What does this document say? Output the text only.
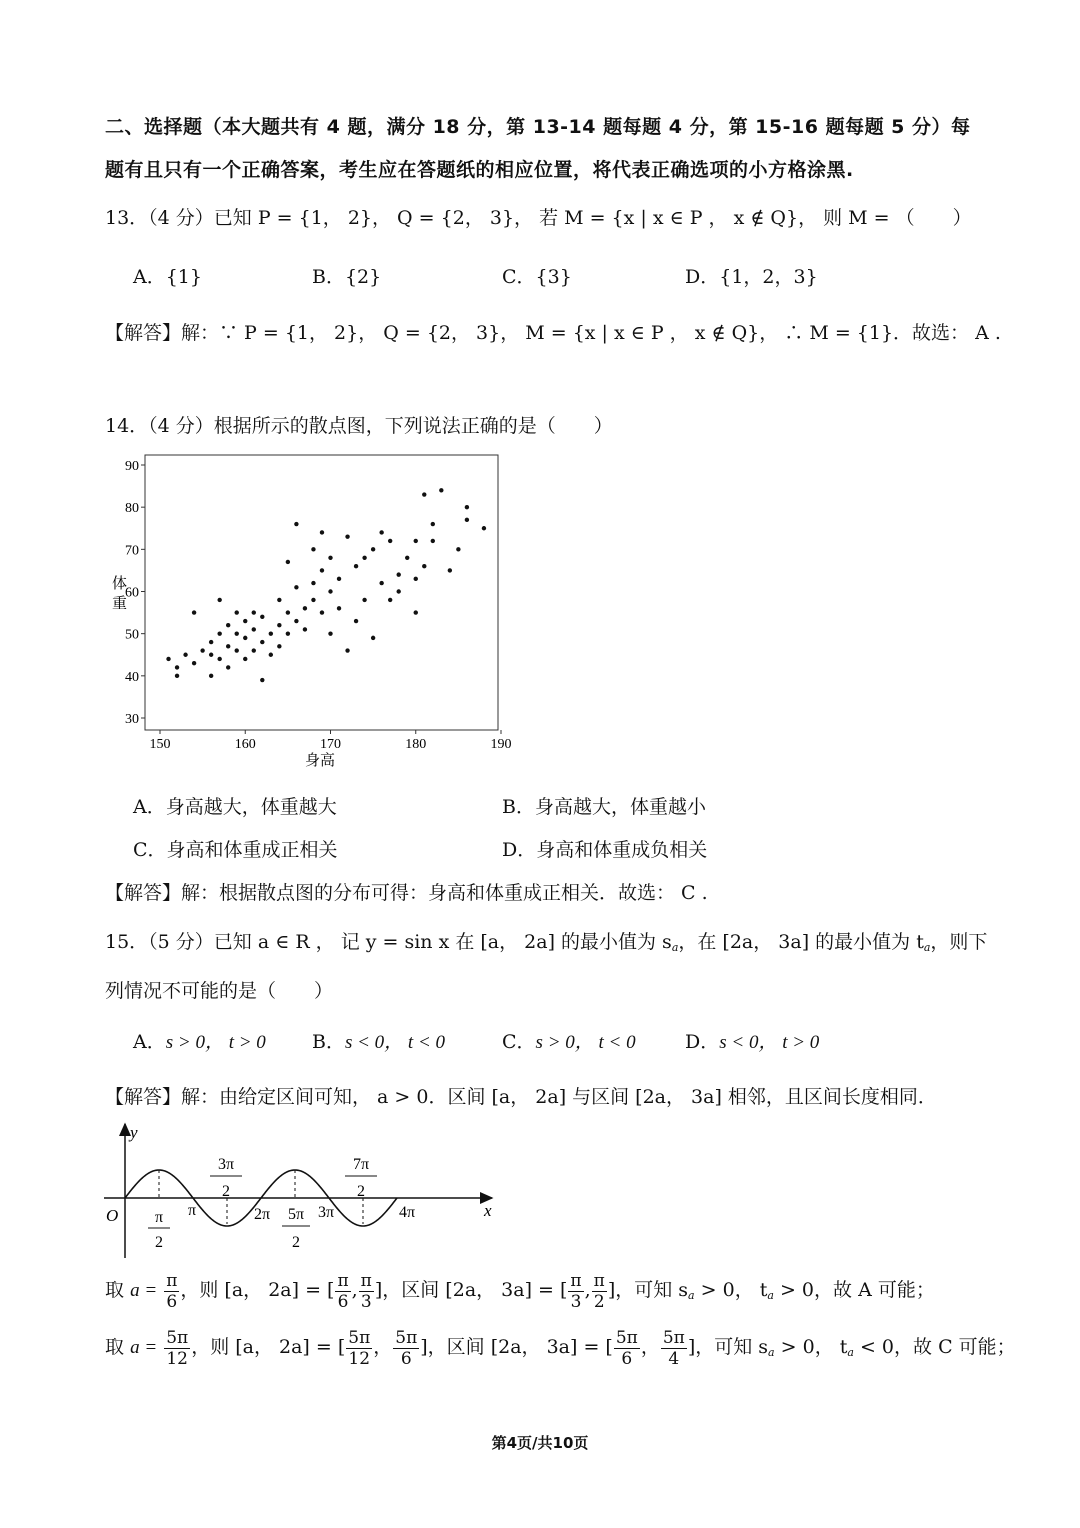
二、选择题（本大题共有 4 题，满分 18 分，第 13-14 题每题 4 分，第 15-16 题每题 5 分）每
题有且只有一个正确答案，考生应在答题纸的相应位置，将代表正确选项的小方格涂黑.
13．（4 分）已知 P = {1， 2}， Q = {2， 3}， 若 M = {x | x ∈ P ， x ∉ Q}， 则 M = （　　）
A．{1}	B．{2}	C．{3}	D．{1，2，3}
【解答】解：∵ P = {1， 2}， Q = {2， 3}， M = {x | x ∈ P ， x ∉ Q}， ∴ M = {1}．故选： A .
14．（4 分）根据所示的散点图，下列说法正确的是（　　）
30
40
50
60
70
80
90
150	160	170	180	190
体
重
身高
A．身高越大，体重越大	B．身高越大，体重越小
C．身高和体重成正相关	D．身高和体重成负相关
【解答】解：根据散点图的分布可得：身高和体重成正相关．故选： C .
15．（5 分）已知 a ∈ R ， 记 y = sin x 在 [a， 2a] 的最小值为 $s_a$，在 [2a， 3a] 的最小值为 $t_a$，则下
列情况不可能的是（　　）
A．s > 0， t > 0 B．s < 0， t < 0	C．s > 0， t < 0	D．s < 0， t > 0
【解答】解：由给定区间可知， a > 0．区间 [a， 2a] 与区间 [2a， 3a] 相邻，且区间长度相同．
y
x
O π
2
π
3π
2
2π 5π
2
3π
7π
2
4π
取 $a = \frac{\pi}{6}$ ，则 [a， 2a] = [ $\frac{\pi}{6}$ , $\frac{\pi}{3}$ ]，区间 [2a， 3a] = [ $\frac{\pi}{3}$ , $\frac{\pi}{2}$ ]，可知 $s_a > 0$， $t_a > 0$，故 A 可能；
取 $a = \frac{5\pi}{12}$ ，则 [a， 2a] = [ $\frac{5\pi}{12}$ ， $\frac{5\pi}{6}$ ]，区间 [2a， 3a] = [ $\frac{5\pi}{6}$ ， $\frac{5\pi}{4}$ ]，可知 $s_a > 0$， $t_a < 0$，故 C 可能；
第4页/共10页
